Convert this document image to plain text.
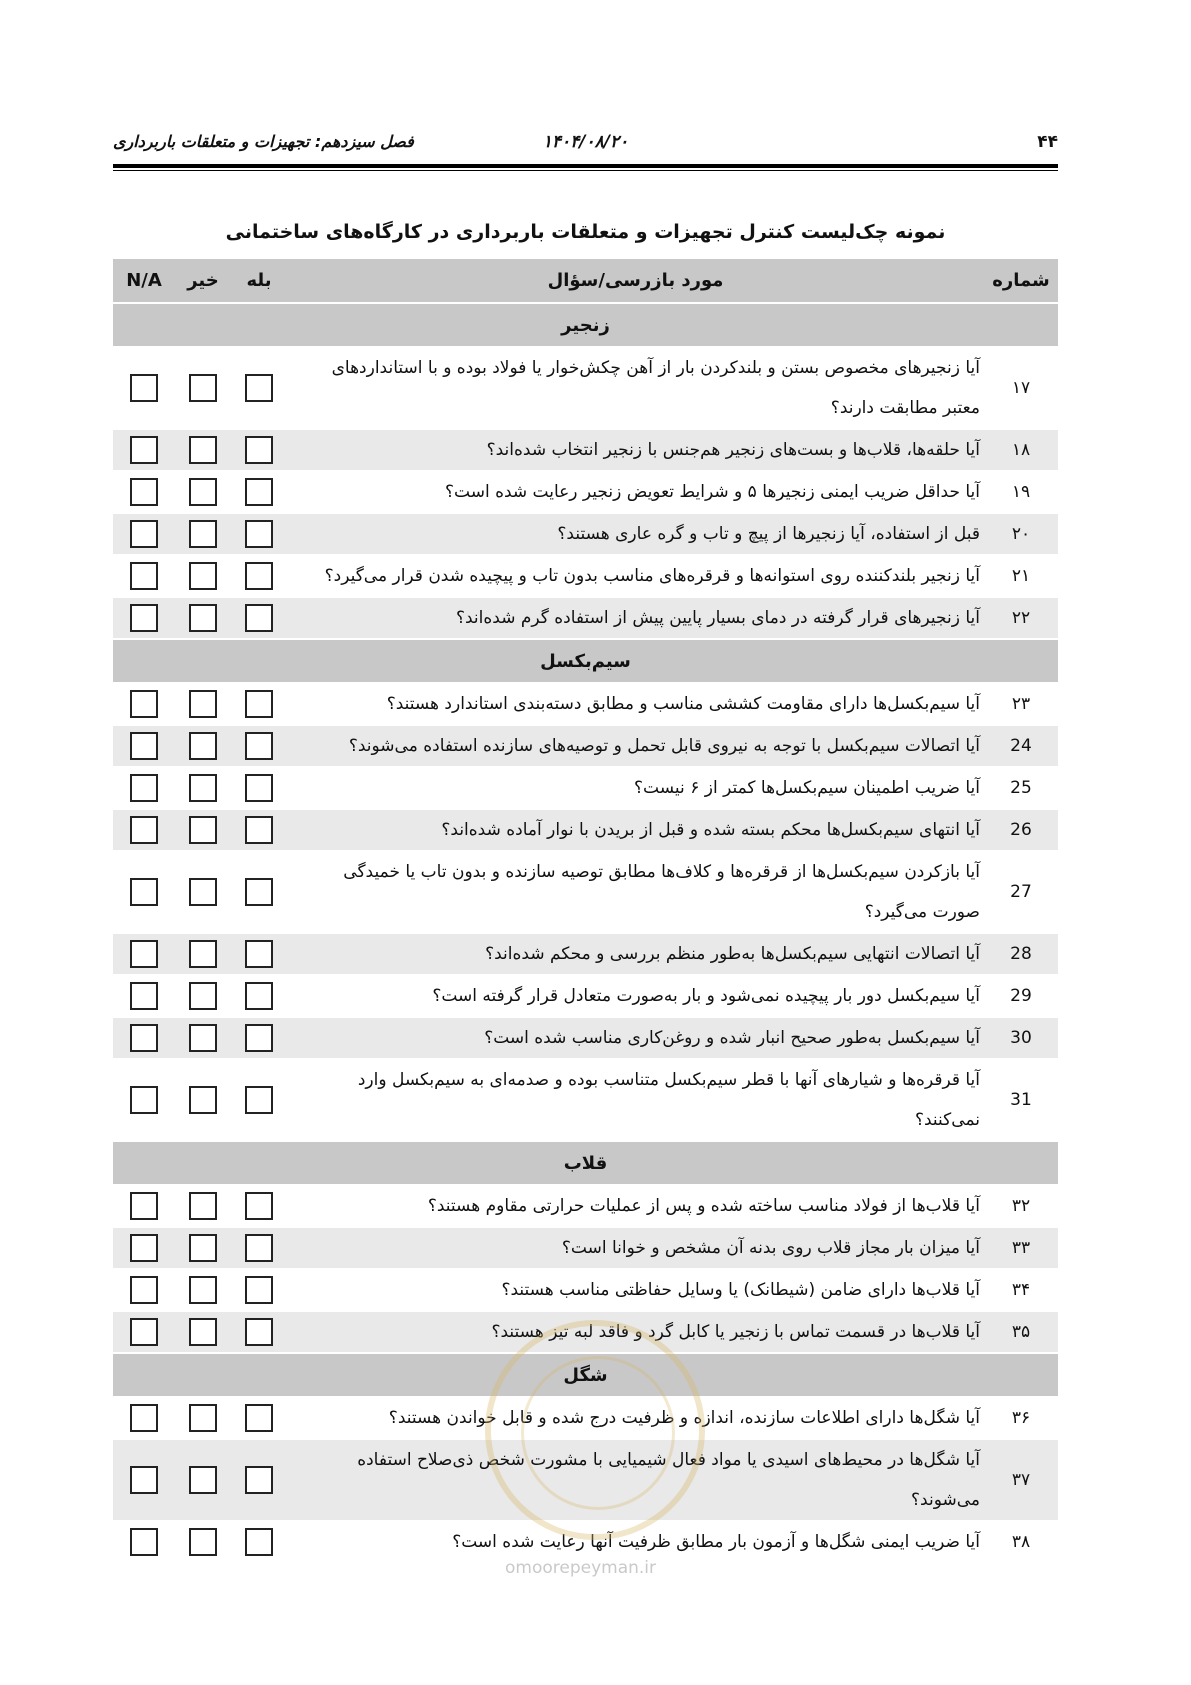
۴۴
۱۴۰۴/۰۸/۲۰
فصل سیزدهم: تجهیزات و متعلقات باربرداری
نمونه چک‌لیست کنترل تجهیزات و متعلقات باربرداری در کارگاه‌های ساختمانی
شماره	مورد بازرسی/سؤال	بله	خیر	N/A
زنجیر				
۱۷	آیا زنجیرهای مخصوص بستن و بلندکردن بار از آهن چکش‌خوار یا فولاد بوده و با استانداردهای معتبر مطابقت دارند؟			
۱۸	آیا حلقه‌ها، قلاب‌ها و بست‌های زنجیر هم‌جنس با زنجیر انتخاب شده‌اند؟			
۱۹	آیا حداقل ضریب ایمنی زنجیرها ۵ و شرایط تعویض زنجیر رعایت شده است؟			
۲۰	قبل از استفاده، آیا زنجیرها از پیچ و تاب و گره عاری هستند؟			
۲۱	آیا زنجیر بلندکننده روی استوانه‌ها و قرقره‌های مناسب بدون تاب و پیچیده شدن قرار می‌گیرد؟			
۲۲	آیا زنجیرهای قرار گرفته در دمای بسیار پایین پیش از استفاده گرم شده‌اند؟			
سیم‌بکسل				
۲۳	آیا سیم‌بکسل‌ها دارای مقاومت کششی مناسب و مطابق دسته‌بندی استاندارد هستند؟			
24	آیا اتصالات سیم‌بکسل با توجه به نیروی قابل تحمل و توصیه‌های سازنده استفاده می‌شوند؟			
25	آیا ضریب اطمینان سیم‌بکسل‌ها کمتر از ۶ نیست؟			
26	آیا انتهای سیم‌بکسل‌ها محکم بسته شده و قبل از بریدن با نوار آماده شده‌اند؟			
27	آیا بازکردن سیم‌بکسل‌ها از قرقره‌ها و کلاف‌ها مطابق توصیه سازنده و بدون تاب یا خمیدگی صورت می‌گیرد؟			
28	آیا اتصالات انتهایی سیم‌بکسل‌ها به‌طور منظم بررسی و محکم شده‌اند؟			
29	آیا سیم‌بکسل دور بار پیچیده نمی‌شود و بار به‌صورت متعادل قرار گرفته است؟			
30	آیا سیم‌بکسل به‌طور صحیح انبار شده و روغن‌کاری مناسب شده است؟			
31	آیا قرقره‌ها و شیارهای آنها با قطر سیم‌بکسل متناسب بوده و صدمه‌ای به سیم‌بکسل وارد نمی‌کنند؟			
قلاب				
۳۲	آیا قلاب‌ها از فولاد مناسب ساخته شده و پس از عملیات حرارتی مقاوم هستند؟			
۳۳	آیا میزان بار مجاز قلاب روی بدنه آن مشخص و خوانا است؟			
۳۴	آیا قلاب‌ها دارای ضامن (شیطانک) یا وسایل حفاظتی مناسب هستند؟			
۳۵	آیا قلاب‌ها در قسمت تماس با زنجیر یا کابل گرد و فاقد لبه تیز هستند؟			
شگل				
۳۶	آیا شگل‌ها دارای اطلاعات سازنده، اندازه و ظرفیت درج شده و قابل خواندن هستند؟			
۳۷	آیا شگل‌ها در محیط‌های اسیدی یا مواد فعال شیمیایی با مشورت شخص ذی‌صلاح استفاده می‌شوند؟			
۳۸	آیا ضریب ایمنی شگل‌ها و آزمون بار مطابق ظرفیت آنها رعایت شده است؟			
omoorepeyman.ir
